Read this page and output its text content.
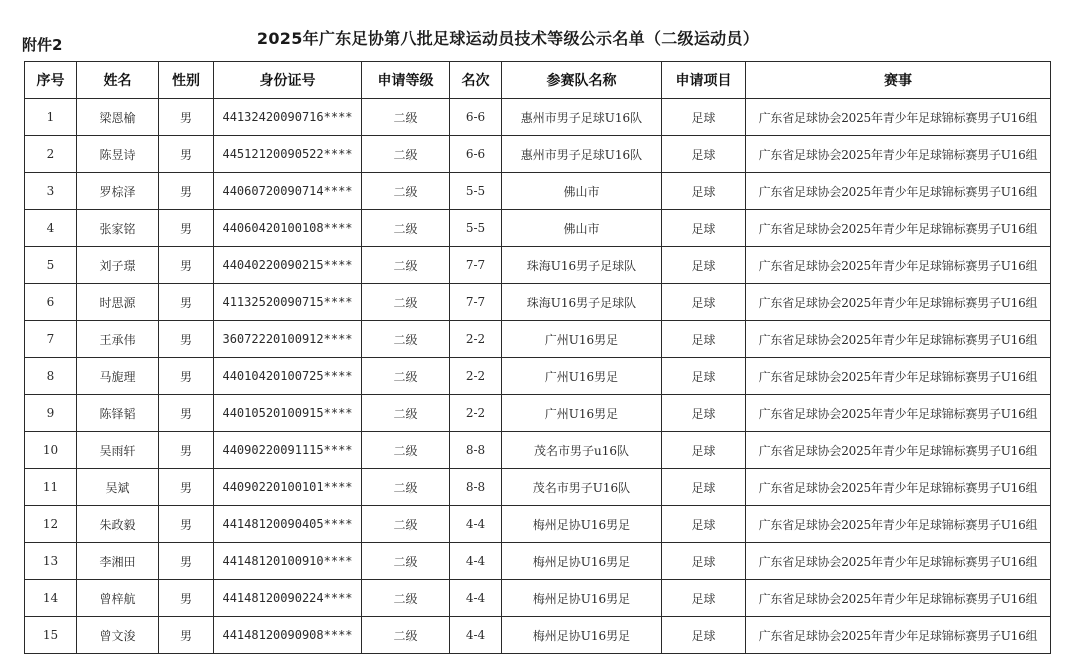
附件2	2025年广东足协第八批足球运动员技术等级公示名单（二级运动员）
序号	姓名	性别	身份证号	申请等级	名次	参赛队名称	申请项目	赛事
1	梁恩榆	男	44132420090716****	二级	6-6	惠州市男子足球U16队	足球	广东省足球协会2025年青少年足球锦标赛男子U16组
2	陈昱诗	男	44512120090522****	二级	6-6	惠州市男子足球U16队	足球	广东省足球协会2025年青少年足球锦标赛男子U16组
3	罗棕泽	男	44060720090714****	二级	5-5	佛山市	足球	广东省足球协会2025年青少年足球锦标赛男子U16组
4	张家铭	男	44060420100108****	二级	5-5	佛山市	足球	广东省足球协会2025年青少年足球锦标赛男子U16组
5	刘子璟	男	44040220090215****	二级	7-7	珠海U16男子足球队	足球	广东省足球协会2025年青少年足球锦标赛男子U16组
6	时思源	男	41132520090715****	二级	7-7	珠海U16男子足球队	足球	广东省足球协会2025年青少年足球锦标赛男子U16组
7	王承伟	男	36072220100912****	二级	2-2	广州U16男足	足球	广东省足球协会2025年青少年足球锦标赛男子U16组
8	马旎理	男	44010420100725****	二级	2-2	广州U16男足	足球	广东省足球协会2025年青少年足球锦标赛男子U16组
9	陈铎韬	男	44010520100915****	二级	2-2	广州U16男足	足球	广东省足球协会2025年青少年足球锦标赛男子U16组
10	吴雨轩	男	44090220091115****	二级	8-8	茂名市男子u16队	足球	广东省足球协会2025年青少年足球锦标赛男子U16组
11	吴斌	男	44090220100101****	二级	8-8	茂名市男子U16队	足球	广东省足球协会2025年青少年足球锦标赛男子U16组
12	朱政毅	男	44148120090405****	二级	4-4	梅州足协U16男足	足球	广东省足球协会2025年青少年足球锦标赛男子U16组
13	李湘田	男	44148120100910****	二级	4-4	梅州足协U16男足	足球	广东省足球协会2025年青少年足球锦标赛男子U16组
14	曾梓航	男	44148120090224****	二级	4-4	梅州足协U16男足	足球	广东省足球协会2025年青少年足球锦标赛男子U16组
15	曾文浚	男	44148120090908****	二级	4-4	梅州足协U16男足	足球	广东省足球协会2025年青少年足球锦标赛男子U16组
